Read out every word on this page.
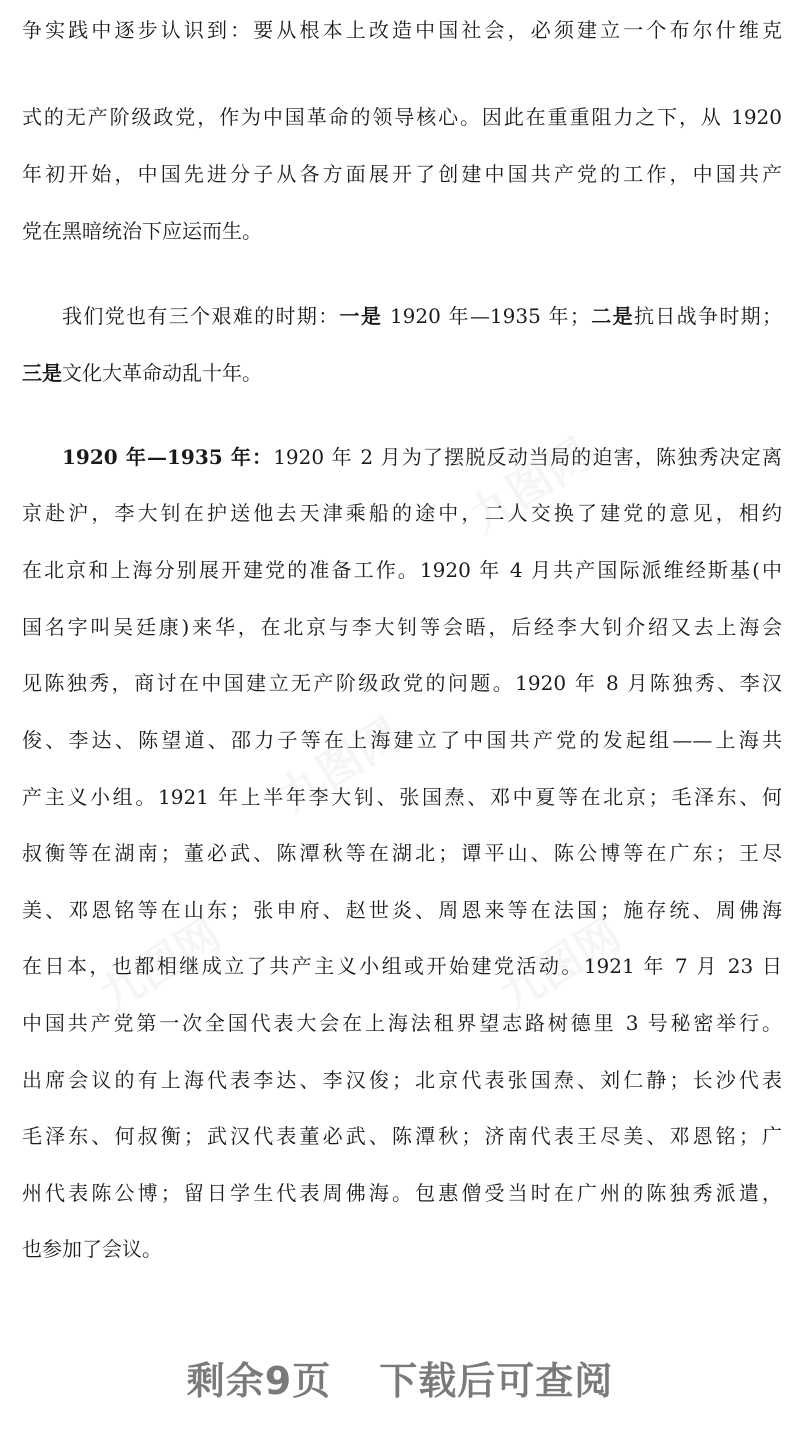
九图网
九图网
九图网	九图网
争实践中逐步认识到：要从根本上改造中国社会，必须建立一个布尔什维克
式的无产阶级政党，作为中国革命的领导核心。因此在重重阻力之下，从 1920
年初开始，中国先进分子从各方面展开了创建中国共产党的工作，中国共产
党在黑暗统治下应运而生。
我们党也有三个艰难的时期：一是 1920 年—1935 年；二是抗日战争时期；
三是文化大革命动乱十年。
1920 年—1935 年：1920 年 2 月为了摆脱反动当局的迫害，陈独秀决定离
京赴沪，李大钊在护送他去天津乘船的途中，二人交换了建党的意见，相约
在北京和上海分别展开建党的准备工作。1920 年 4 月共产国际派维经斯基(中
国名字叫吴廷康)来华，在北京与李大钊等会晤，后经李大钊介绍又去上海会
见陈独秀，商讨在中国建立无产阶级政党的问题。1920 年 8 月陈独秀、李汉
俊、李达、陈望道、邵力子等在上海建立了中国共产党的发起组——上海共
产主义小组。1921 年上半年李大钊、张国焘、邓中夏等在北京；毛泽东、何
叔衡等在湖南；董必武、陈潭秋等在湖北；谭平山、陈公博等在广东；王尽
美、邓恩铭等在山东；张申府、赵世炎、周恩来等在法国；施存统、周佛海
在日本，也都相继成立了共产主义小组或开始建党活动。1921 年 7 月 23 日
中国共产党第一次全国代表大会在上海法租界望志路树德里 3 号秘密举行。
出席会议的有上海代表李达、李汉俊；北京代表张国焘、刘仁静；长沙代表
毛泽东、何叔衡；武汉代表董必武、陈潭秋；济南代表王尽美、邓恩铭；广
州代表陈公博；留日学生代表周佛海。包惠僧受当时在广州的陈独秀派遣，
也参加了会议。
剩余9页 下载后可查阅
